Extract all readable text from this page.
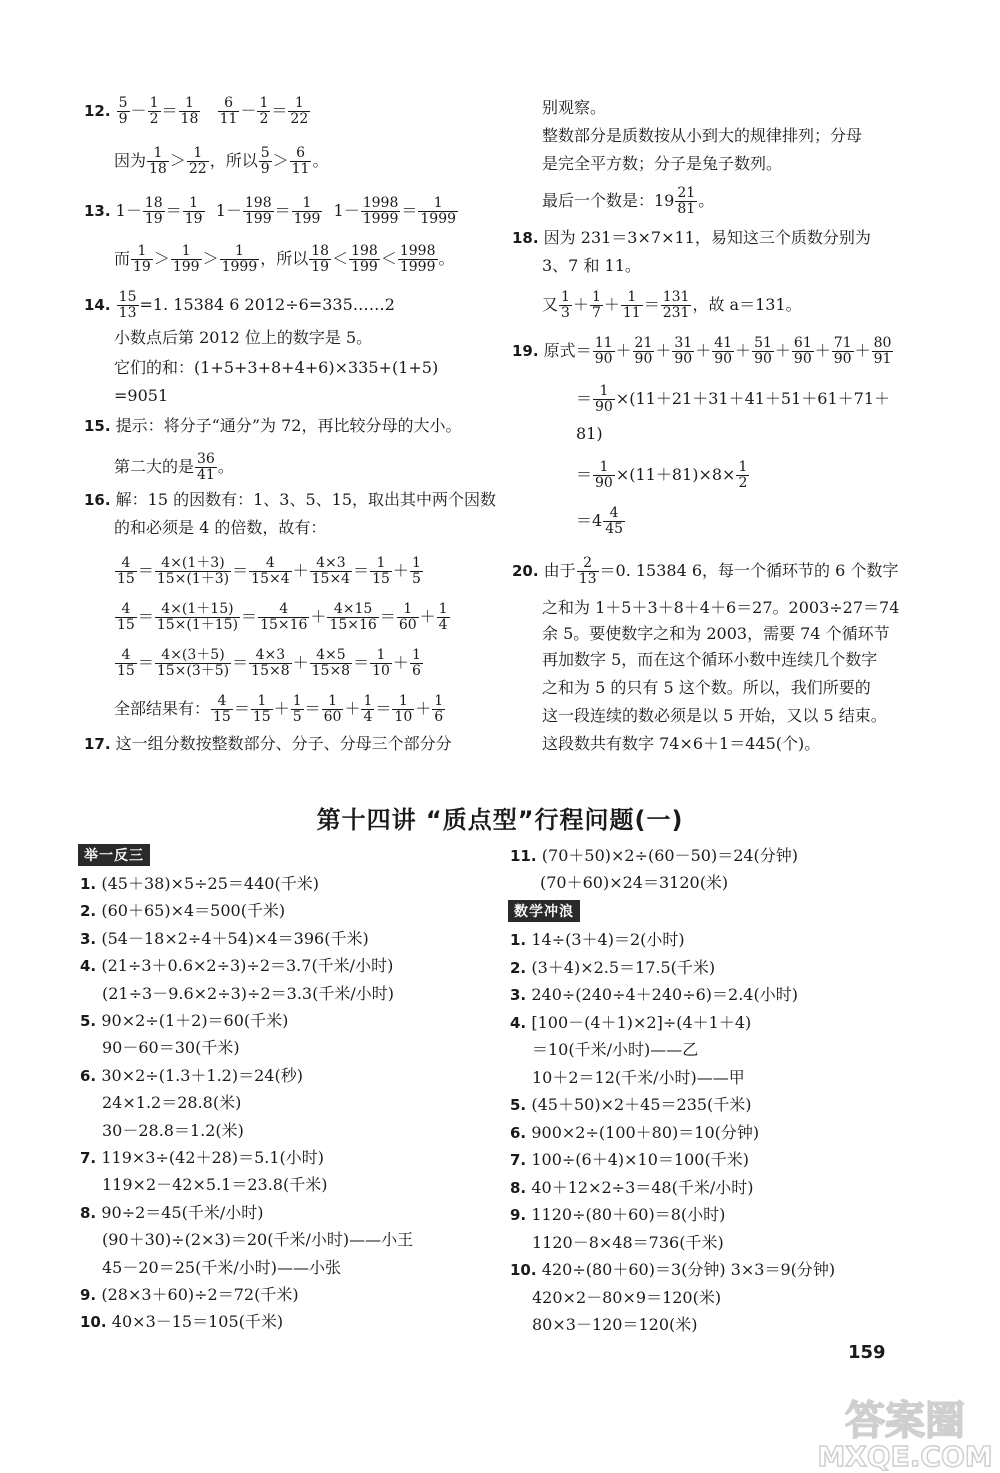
12. $\frac{5}{9} - \frac{1}{2} = \frac{1}{18}$
$\frac{6}{11} - \frac{1}{2} = \frac{1}{22}$
因为 $\frac{1}{18} > \frac{1}{22}$ ，所以 $\frac{5}{9} > \frac{6}{11}$ 。
13. $1- \frac{18}{19} = \frac{1}{19} 1- \frac{198}{199} = \frac{1}{199} 1- \frac{1998}{1999} = \frac{1}{1999}$
而 $\frac{1}{19} > \frac{1}{199} > \frac{1}{1999}$ ，所以 $\frac{18}{19} < \frac{198}{199} < \frac{1998}{1999}$ 。
14. $\frac{15}{13} =1$. 15384 6 2012÷6=335……2
小数点后第 2012 位上的数字是 5。
它们的和：(1+5+3+8+4+6)×335+(1+5)
=9051
15. 提示：将分子“通分”为 72，再比较分母的大小。
第二大的是 $\frac{36}{41}$ 。
16. 解：15 的因数有：1、3、5、15，取出其中两个因数
的和必须是 4 的倍数，故有：
$\frac{4}{15} = \frac{4\times(1+3)}{15\times(1+3)} = \frac{4}{15\times 4} + \frac{4\times 3}{15\times 4} = \frac{1}{15} + \frac{1}{5}$
$\frac{4}{15} = \frac{4\times(1+15)}{15\times(1+15)} = \frac{4}{15\times 16} + \frac{4\times 15}{15\times 16} = \frac{1}{60} + \frac{1}{4}$
$\frac{4}{15} = \frac{4\times(3+5)}{15\times(3+5)} = \frac{4\times 3}{15\times 8} + \frac{4\times 5}{15\times 8} = \frac{1}{10} + \frac{1}{6}$
全部结果有： $\frac{4}{15} = \frac{1}{15} + \frac{1}{5} = \frac{1}{60} + \frac{1}{4} = \frac{1}{10} + \frac{1}{6}$
17. 这一组分数按整数部分、分子、分母三个部分分
别观察。
整数部分是质数按从小到大的规律排列；分母
是完全平方数；分子是兔子数列。
最后一个数是：$19 \frac{21}{81}$ 。
18. 因为 231＝3×7×11，易知这三个质数分别为
3、7 和 11。
又 $\frac{1}{3} + \frac{1}{7} + \frac{1}{11} = \frac{131}{231}$ ，故 a＝131。
19. 原式＝ $\frac{11}{90} + \frac{21}{90} + \frac{31}{90} + \frac{41}{90} + \frac{51}{90} + \frac{61}{90} + \frac{71}{90} + \frac{80}{91}$
＝ $\frac{1}{90} \times(11+21+31+41+51+61+71+$
81)
＝ $\frac{1}{90} \times(11+81)\times 8\times \frac{1}{2}$
$=4 \frac{4}{45}$
20. 由于 $\frac{2}{13} =0$. 15384 6，每一个循环节的 6 个数字
之和为 1＋5＋3＋8＋4＋6＝27。2003÷27＝74
余 5。要使数字之和为 2003，需要 74 个循环节
再加数字 5，而在这个循环小数中连续几个数字
之和为 5 的只有 5 这个数。所以，我们所要的
这一段连续的数必须是以 5 开始，又以 5 结束。
这段数共有数字 74×6＋1＝445(个)。
第十四讲 “质点型”行程问题(一)
举一反三
数学冲浪
1. (45＋38)×5÷25＝440(千米)
2. (60＋65)×4＝500(千米)
3. (54－18×2÷4＋54)×4＝396(千米)
4. (21÷3＋0.6×2÷3)÷2＝3.7(千米/小时)
(21÷3－9.6×2÷3)÷2＝3.3(千米/小时)
5. 90×2÷(1＋2)＝60(千米)
90－60＝30(千米)
6. 30×2÷(1.3＋1.2)＝24(秒)
24×1.2＝28.8(米)
30－28.8＝1.2(米)
7. 119×3÷(42＋28)＝5.1(小时)
119×2－42×5.1＝23.8(千米)
8. 90÷2＝45(千米/小时)
(90＋30)÷(2×3)＝20(千米/小时)——小王
45－20＝25(千米/小时)——小张
9. (28×3＋60)÷2＝72(千米)
10. 40×3－15＝105(千米)
11. (70＋50)×2÷(60－50)＝24(分钟)
(70＋60)×24＝3120(米)
1. 14÷(3＋4)＝2(小时)
2. (3＋4)×2.5＝17.5(千米)
3. 240÷(240÷4＋240÷6)＝2.4(小时)
4. [100－(4＋1)×2]÷(4＋1＋4)
＝10(千米/小时)——乙
10＋2＝12(千米/小时)——甲
5. (45＋50)×2＋45＝235(千米)
6. 900×2÷(100＋80)＝10(分钟)
7. 100÷(6＋4)×10＝100(千米)
8. 40＋12×2÷3＝48(千米/小时)
9. 1120÷(80＋60)＝8(小时)
1120－8×48＝736(千米)
10. 420÷(80＋60)＝3(分钟) 3×3＝9(分钟)
420×2－80×9＝120(米)
80×3－120＝120(米)
159
答案圈
MXQE.COM
